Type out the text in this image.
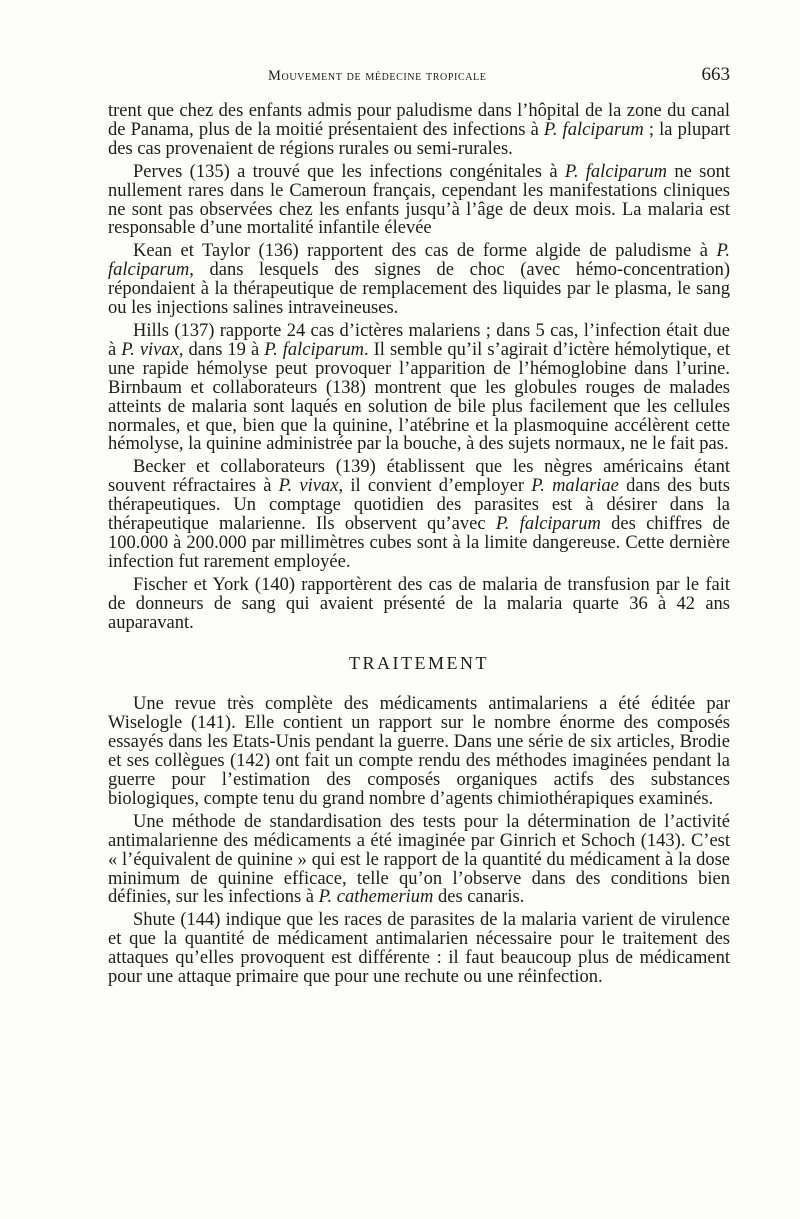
Mouvement de médecine tropicale	663

trent que chez des enfants admis pour paludisme dans l’hôpital de la zone du canal de Panama, plus de la moitié présentaient des infections à P. falciparum ; la plupart des cas provenaient de régions rurales ou semi-rurales.

Perves (135) a trouvé que les infections congénitales à P. falciparum ne sont nullement rares dans le Cameroun français, cependant les manifestations cliniques ne sont pas observées chez les enfants jusqu’à l’âge de deux mois. La malaria est responsable d’une mortalité infantile élevée

Kean et Taylor (136) rapportent des cas de forme algide de paludisme à P. falciparum, dans lesquels des signes de choc (avec hémo-concentration) répondaient à la thérapeutique de remplacement des liquides par le plasma, le sang ou les injections salines intraveineuses.

Hills (137) rapporte 24 cas d’ictères malariens ; dans 5 cas, l’infection était due à P. vivax, dans 19 à P. falciparum. Il semble qu’il s’agirait d’ictère hémolytique, et une rapide hémolyse peut provoquer l’apparition de l’hémoglobine dans l’urine. Birnbaum et collaborateurs (138) montrent que les globules rouges de malades atteints de malaria sont laqués en solution de bile plus facilement que les cellules normales, et que, bien que la quinine, l’atébrine et la plasmoquine accélèrent cette hémolyse, la quinine administrée par la bouche, à des sujets normaux, ne le fait pas.

Becker et collaborateurs (139) établissent que les nègres américains étant souvent réfractaires à P. vivax, il convient d’employer P. malariae dans des buts thérapeutiques. Un comptage quotidien des parasites est à désirer dans la thérapeutique malarienne. Ils observent qu’avec P. falciparum des chiffres de 100.000 à 200.000 par millimètres cubes sont à la limite dangereuse. Cette dernière infection fut rarement employée.

Fischer et York (140) rapportèrent des cas de malaria de transfusion par le fait de donneurs de sang qui avaient présenté de la malaria quarte 36 à 42 ans auparavant.

TRAITEMENT

Une revue très complète des médicaments antimalariens a été éditée par Wiselogle (141). Elle contient un rapport sur le nombre énorme des composés essayés dans les Etats-Unis pendant la guerre. Dans une série de six articles, Brodie et ses collègues (142) ont fait un compte rendu des méthodes imaginées pendant la guerre pour l’estimation des composés organiques actifs des substances biologiques, compte tenu du grand nombre d’agents chimiothérapiques examinés.

Une méthode de standardisation des tests pour la détermination de l’activité antimalarienne des médicaments a été imaginée par Ginrich et Schoch (143). C’est « l’équivalent de quinine » qui est le rapport de la quantité du médicament à la dose minimum de quinine efficace, telle qu’on l’observe dans des conditions bien définies, sur les infections à P. cathemerium des canaris.

Shute (144) indique que les races de parasites de la malaria varient de virulence et que la quantité de médicament antimalarien nécessaire pour le traitement des attaques qu’elles provoquent est différente : il faut beaucoup plus de médicament pour une attaque primaire que pour une rechute ou une réinfection.
